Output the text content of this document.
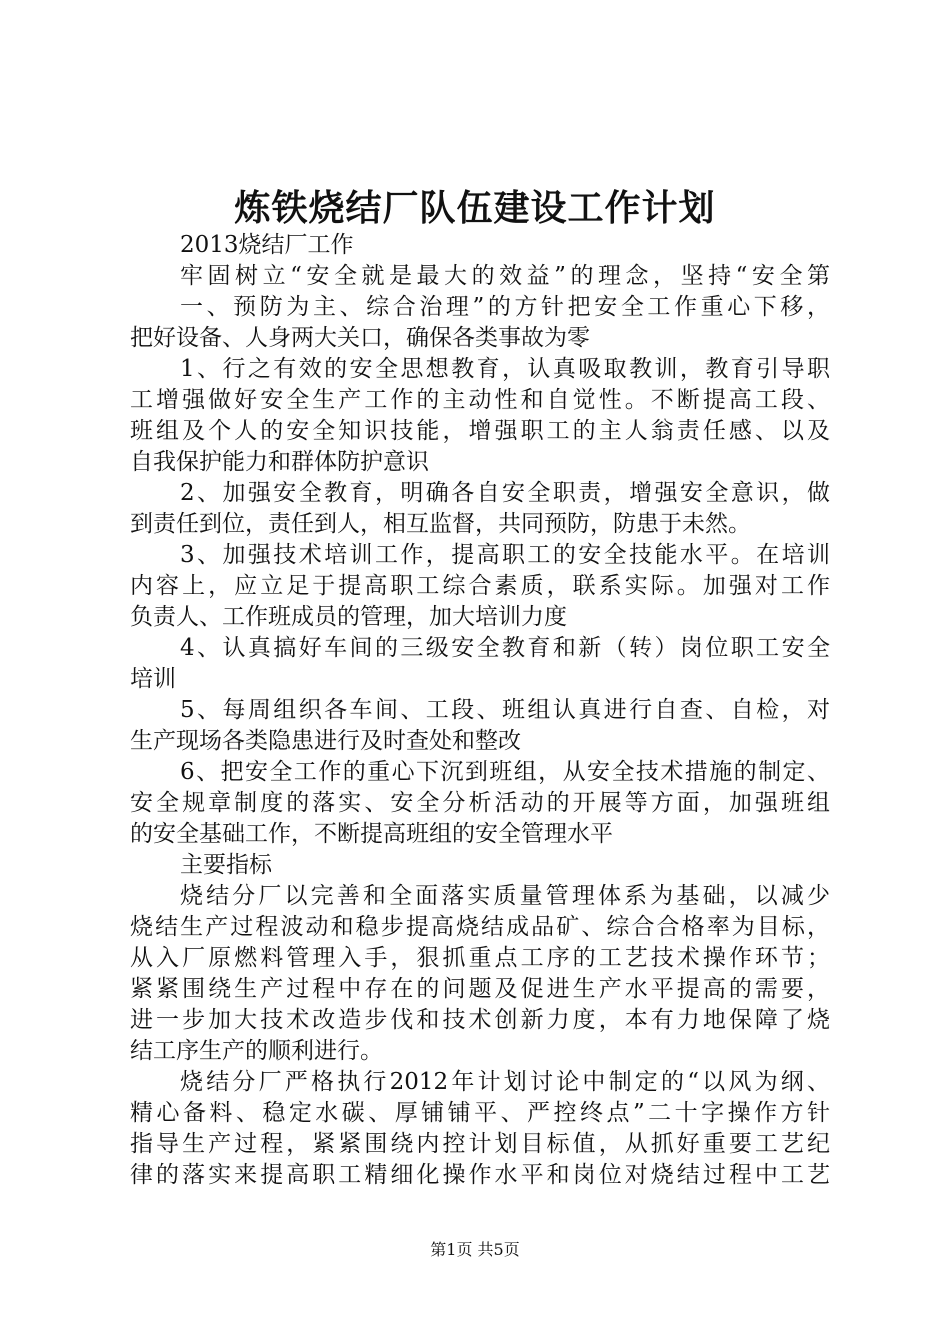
炼铁烧结厂队伍建设工作计划
2013烧结厂工作
牢固树立“安全就是最大的效益”的理念，坚持“安全第
一、预防为主、综合治理”的方针把安全工作重心下移，
把好设备、人身两大关口，确保各类事故为零
1、行之有效的安全思想教育，认真吸取教训，教育引导职
工增强做好安全生产工作的主动性和自觉性。不断提高工段、
班组及个人的安全知识技能，增强职工的主人翁责任感、以及
自我保护能力和群体防护意识
2、加强安全教育，明确各自安全职责，增强安全意识，做
到责任到位，责任到人，相互监督，共同预防，防患于未然。
3、加强技术培训工作，提高职工的安全技能水平。在培训
内容上，应立足于提高职工综合素质，联系实际。加强对工作
负责人、工作班成员的管理，加大培训力度
4、认真搞好车间的三级安全教育和新（转）岗位职工安全
培训
5、每周组织各车间、工段、班组认真进行自查、自检，对
生产现场各类隐患进行及时查处和整改
6、把安全工作的重心下沉到班组，从安全技术措施的制定、
安全规章制度的落实、安全分析活动的开展等方面，加强班组
的安全基础工作，不断提高班组的安全管理水平
主要指标
烧结分厂以完善和全面落实质量管理体系为基础，以减少
烧结生产过程波动和稳步提高烧结成品矿、综合合格率为目标，
从入厂原燃料管理入手，狠抓重点工序的工艺技术操作环节；
紧紧围绕生产过程中存在的问题及促进生产水平提高的需要，
进一步加大技术改造步伐和技术创新力度，本有力地保障了烧
结工序生产的顺利进行。
烧结分厂严格执行2012年计划讨论中制定的“以风为纲、
精心备料、稳定水碳、厚铺铺平、严控终点”二十字操作方针
指导生产过程，紧紧围绕内控计划目标值，从抓好重要工艺纪
律的落实来提高职工精细化操作水平和岗位对烧结过程中工艺
第1页 共5页
